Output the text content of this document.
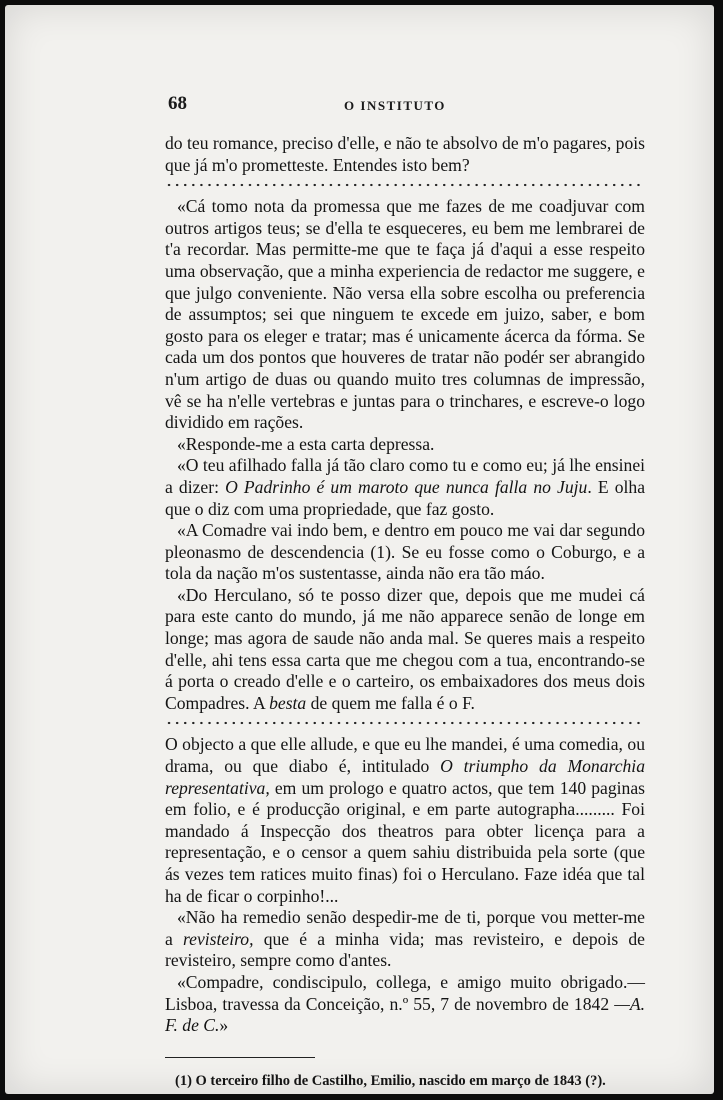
68	O INSTITUTO

do teu romance, preciso d'elle, e não te absolvo de m'o pagares, pois que já m'o prometteste. Entendes isto bem?

«Cá tomo nota da promessa que me fazes de me coadjuvar com outros artigos teus; se d'ella te esqueceres, eu bem me lembrarei de t'a recordar. Mas permitte-me que te faça já d'aqui a esse respeito uma observação, que a minha experiencia de redactor me suggere, e que julgo conveniente. Não versa ella sobre escolha ou preferencia de assumptos; sei que ninguem te excede em juizo, saber, e bom gosto para os eleger e tratar; mas é unicamente ácerca da fórma. Se cada um dos pontos que houveres de tratar não podér ser abrangido n'um artigo de duas ou quando muito tres columnas de impressão, vê se ha n'elle vertebras e juntas para o trinchares, e escreve-o logo dividido em rações.

«Responde-me a esta carta depressa.

«O teu afilhado falla já tão claro como tu e como eu; já lhe ensinei a dizer: O Padrinho é um maroto que nunca falla no Juju. E olha que o diz com uma propriedade, que faz gosto.

«A Comadre vai indo bem, e dentro em pouco me vai dar segundo pleonasmo de descendencia (1). Se eu fosse como o Coburgo, e a tola da nação m'os sustentasse, ainda não era tão máo.

«Do Herculano, só te posso dizer que, depois que me mudei cá para este canto do mundo, já me não apparece senão de longe em longe; mas agora de saude não anda mal. Se queres mais a respeito d'elle, ahi tens essa carta que me chegou com a tua, encontrando-se á porta o creado d'elle e o carteiro, os embaixadores dos meus dois Compadres. A besta de quem me falla é o F.

O objecto a que elle allude, e que eu lhe mandei, é uma comedia, ou drama, ou que diabo é, intitulado O triumpho da Monarchia representativa, em um prologo e quatro actos, que tem 140 paginas em folio, e é producção original, e em parte autographa......... Foi mandado á Inspecção dos theatros para obter licença para a representação, e o censor a quem sahiu distribuida pela sorte (que ás vezes tem ratices muito finas) foi o Herculano. Faze idéa que tal ha de ficar o corpinho!...

«Não ha remedio senão despedir-me de ti, porque vou metter-me a revisteiro, que é a minha vida; mas revisteiro, e depois de revisteiro, sempre como d'antes.

«Compadre, condiscipulo, collega, e amigo muito obrigado.— Lisboa, travessa da Conceição, n.º 55, 7 de novembro de 1842 —A. F. de C.»

(1) O terceiro filho de Castilho, Emilio, nascido em março de 1843 (?).
